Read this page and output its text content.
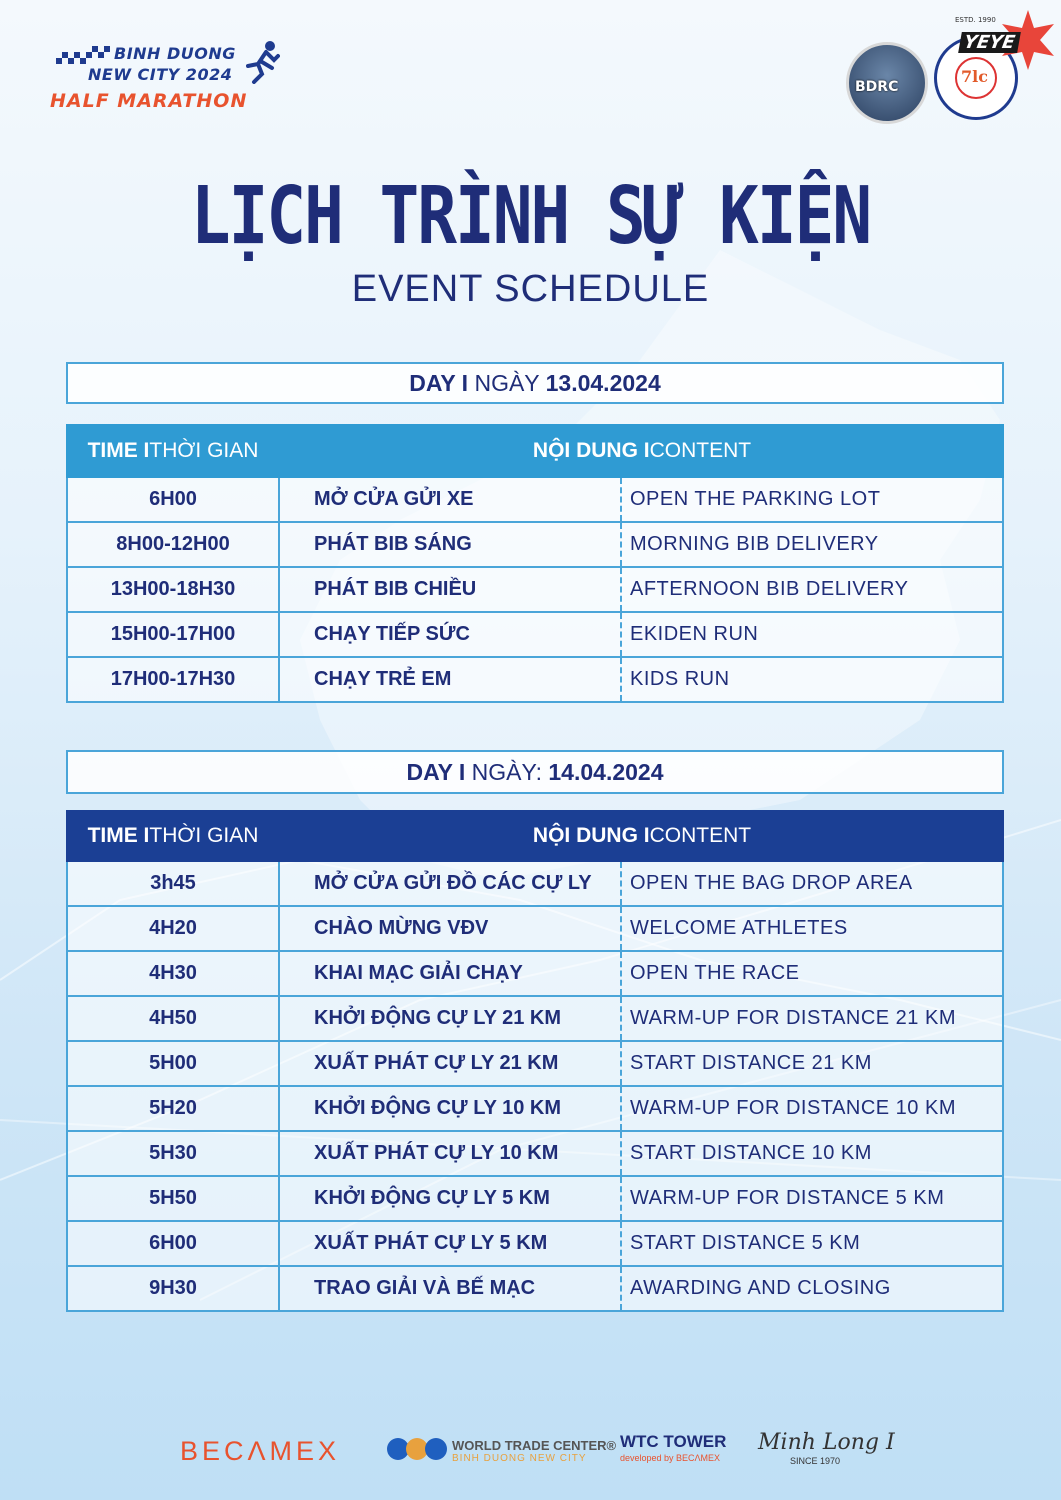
BINH DUONG
NEW CITY 2024
HALF MARATHON
BDRC
ESTD. 1990
7lc
YEYE
LỊCH TRÌNH SỰ KIỆN
EVENT SCHEDULE
DAY I NGÀY 13.04.2024
TIME I THỜI GIAN	NỘI DUNG I CONTENT
6H00	MỞ CỬA GỬI XE	OPEN THE PARKING LOT
8H00-12H00	PHÁT BIB SÁNG	MORNING BIB DELIVERY
13H00-18H30	PHÁT BIB CHIỀU	AFTERNOON BIB DELIVERY
15H00-17H00	CHẠY TIẾP SỨC	EKIDEN RUN
17H00-17H30	CHẠY TRẺ EM	KIDS RUN
DAY I NGÀY: 14.04.2024
TIME I THỜI GIAN	NỘI DUNG I CONTENT
3h45	MỞ CỬA GỬI ĐỒ CÁC CỰ LY	OPEN THE BAG DROP AREA
4H20	CHÀO MỪNG VĐV	WELCOME ATHLETES
4H30	KHAI MẠC GIẢI CHẠY	OPEN THE RACE
4H50	KHỞI ĐỘNG CỰ LY 21 KM	WARM-UP FOR DISTANCE 21 KM
5H00	XUẤT PHÁT CỰ LY 21 KM	START DISTANCE 21 KM
5H20	KHỞI ĐỘNG CỰ LY 10 KM	WARM-UP FOR DISTANCE 10 KM
5H30	XUẤT PHÁT CỰ LY 10 KM	START DISTANCE 10 KM
5H50	KHỞI ĐỘNG CỰ LY 5 KM	WARM-UP FOR DISTANCE 5 KM
6H00	XUẤT PHÁT CỰ LY 5 KM	START DISTANCE 5 KM
9H30	TRAO GIẢI VÀ BẾ MẠC	AWARDING AND CLOSING
BECΛMEX	WORLD TRADE CENTER®
BINH DUONG NEW CITY
WTC TOWER
developed by BECΛMEX
Minh Long I
SINCE 1970
